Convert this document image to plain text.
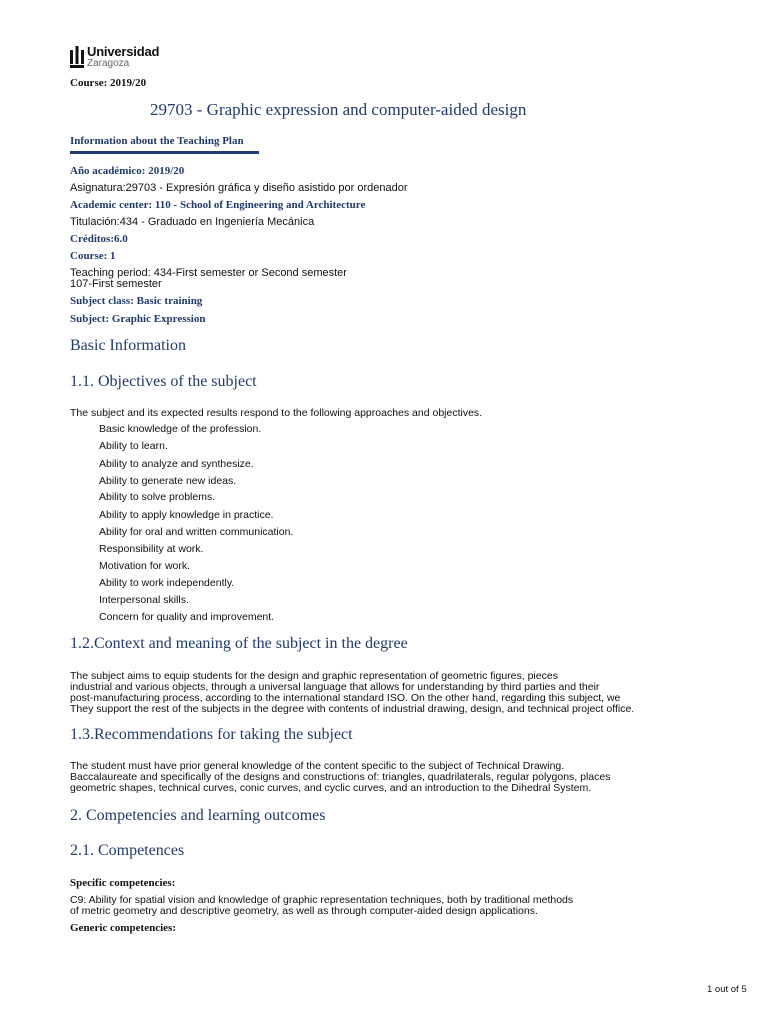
Universidad
Zaragoza
Course: 2019/20
29703 - Graphic expression and computer-aided design
Information about the Teaching Plan
Año académico: 2019/20
Asignatura:29703 - Expresión gráfica y diseño asistido por ordenador
Academic center: 110 - School of Engineering and Architecture
Titulación:434 - Graduado en Ingeniería Mecánica
Créditos:6.0
Course: 1
Teaching period: 434-First semester or Second semester
107-First semester
Subject class: Basic training
Subject: Graphic Expression
Basic Information
1.1. Objectives of the subject
The subject and its expected results respond to the following approaches and objectives.
Basic knowledge of the profession.
Ability to learn.
Ability to analyze and synthesize.
Ability to generate new ideas.
Ability to solve problems.
Ability to apply knowledge in practice.
Ability for oral and written communication.
Responsibility at work.
Motivation for work.
Ability to work independently.
Interpersonal skills.
Concern for quality and improvement.
1.2.Context and meaning of the subject in the degree
The subject aims to equip students for the design and graphic representation of geometric figures, pieces
industrial and various objects, through a universal language that allows for understanding by third parties and their
post-manufacturing process, according to the international standard ISO. On the other hand, regarding this subject, we
They support the rest of the subjects in the degree with contents of industrial drawing, design, and technical project office.
1.3.Recommendations for taking the subject
The student must have prior general knowledge of the content specific to the subject of Technical Drawing.
Baccalaureate and specifically of the designs and constructions of: triangles, quadrilaterals, regular polygons, places
geometric shapes, technical curves, conic curves, and cyclic curves, and an introduction to the Dihedral System.
2. Competencies and learning outcomes
2.1. Competences
Specific competencies:
C9: Ability for spatial vision and knowledge of graphic representation techniques, both by traditional methods
of metric geometry and descriptive geometry, as well as through computer-aided design applications.
Generic competencies:
1 out of 5
